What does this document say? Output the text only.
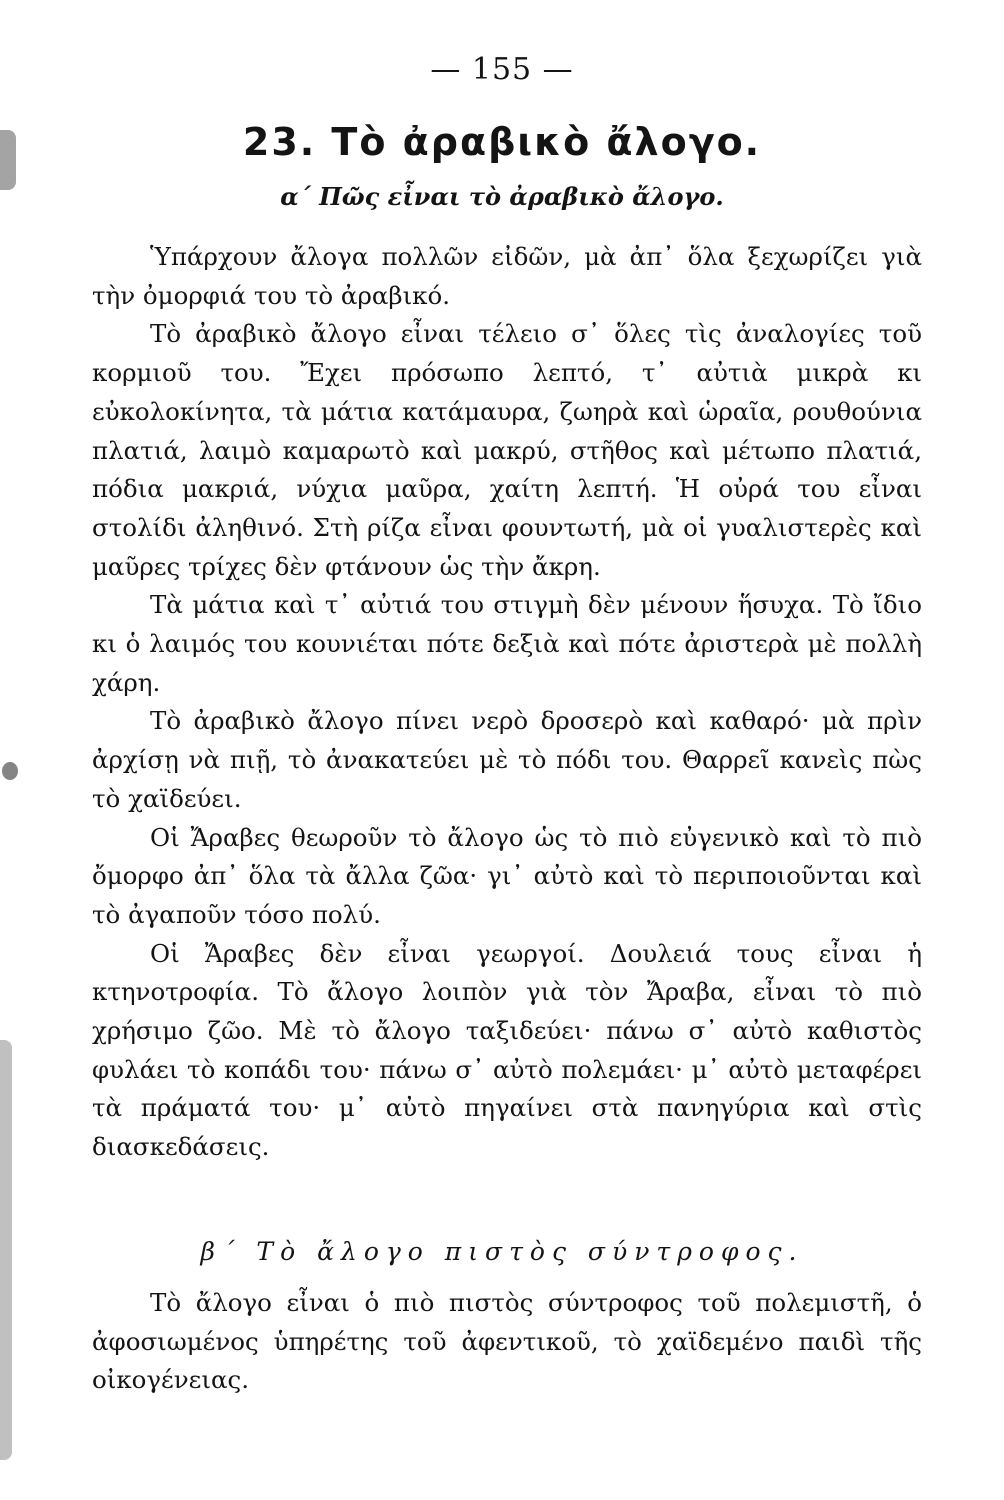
— 155 —
23. Τὸ ἀραβικὸ ἄλογο.
α΄ Πῶς εἶναι τὸ ἀραβικὸ ἄλογο.

Ὑπάρχουν ἄλογα πολλῶν εἰδῶν, μὰ ἀπ᾽ ὅλα ξεχωρίζει γιὰ τὴν ὀμορφιά του τὸ ἀραβικό.

Τὸ ἀραβικὸ ἄλογο εἶναι τέλειο σ᾽ ὅλες τὶς ἀναλογίες τοῦ κορμιοῦ του. Ἔχει πρόσωπο λεπτό, τ᾽ αὐτιὰ μικρὰ κι εὐκολοκίνητα, τὰ μάτια κατάμαυρα, ζωηρὰ καὶ ὡραῖα, ρουθούνια πλατιά, λαιμὸ καμαρωτὸ καὶ μακρύ, στῆθος καὶ μέτωπο πλατιά, πόδια μακριά, νύχια μαῦρα, χαίτη λεπτή. Ἡ οὐρά του εἶναι στολίδι ἀληθινό. Στὴ ρίζα εἶναι φουντωτή, μὰ οἱ γυαλιστερὲς καὶ μαῦρες τρίχες δὲν φτάνουν ὡς τὴν ἄκρη.

Τὰ μάτια καὶ τ᾽ αὐτιά του στιγμὴ δὲν μένουν ἥσυχα. Τὸ ἴδιο κι ὁ λαιμός του κουνιέται πότε δεξιὰ καὶ πότε ἀριστερὰ μὲ πολλὴ χάρη.

Τὸ ἀραβικὸ ἄλογο πίνει νερὸ δροσερὸ καὶ καθαρό· μὰ πρὶν ἀρχίσῃ νὰ πιῇ, τὸ ἀνακατεύει μὲ τὸ πόδι του. Θαρρεῖ κανεὶς πὼς τὸ χαϊδεύει.

Οἱ Ἄραβες θεωροῦν τὸ ἄλογο ὡς τὸ πιὸ εὐγενικὸ καὶ τὸ πιὸ ὄμορφο ἀπ᾽ ὅλα τὰ ἄλλα ζῶα· γι᾽ αὐτὸ καὶ τὸ περιποιοῦνται καὶ τὸ ἀγαποῦν τόσο πολύ.

Οἱ Ἄραβες δὲν εἶναι γεωργοί. Δουλειά τους εἶναι ἡ κτηνοτροφία. Τὸ ἄλογο λοιπὸν γιὰ τὸν Ἄραβα, εἶναι τὸ πιὸ χρήσιμο ζῶο. Μὲ τὸ ἄλογο ταξιδεύει· πάνω σ᾽ αὐτὸ καθιστὸς φυλάει τὸ κοπάδι του· πάνω σ᾽ αὐτὸ πολεμάει· μ᾽ αὐτὸ μεταφέρει τὰ πράματά του· μ᾽ αὐτὸ πηγαίνει στὰ πανηγύρια καὶ στὶς διασκεδάσεις.

β΄ Τὸ ἄλογο πιστὸς σύντροφος.

Τὸ ἄλογο εἶναι ὁ πιὸ πιστὸς σύντροφος τοῦ πολεμιστῆ, ὁ ἀφοσιωμένος ὑπηρέτης τοῦ ἀφεντικοῦ, τὸ χαϊδεμένο παιδὶ τῆς οἰκογένειας.
